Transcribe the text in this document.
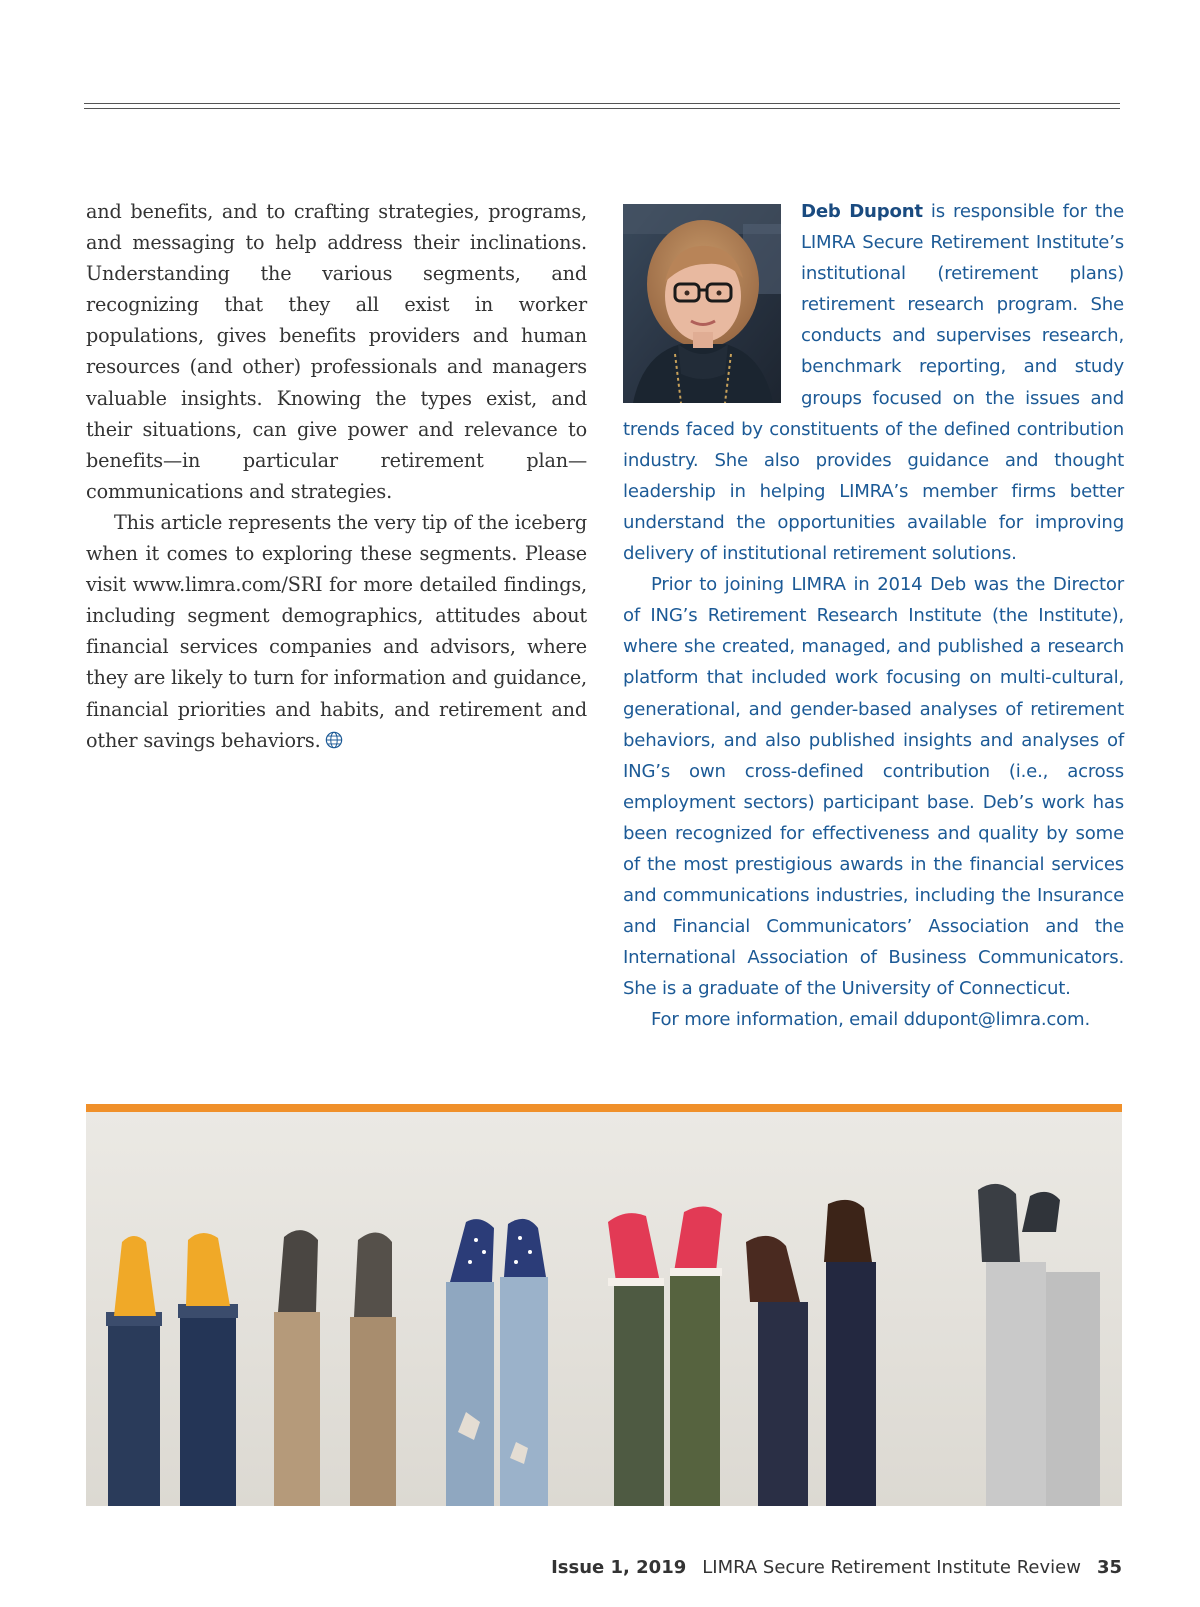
and benefits, and to crafting strategies, programs, and messaging to help address their inclinations. Understanding the various segments, and recognizing that they all exist in worker populations, gives benefits providers and human resources (and other) professionals and managers valuable insights. Knowing the types exist, and their situations, can give power and relevance to benefits—in particular retirement plan—communications and strategies.

This article represents the very tip of the iceberg when it comes to exploring these segments. Please visit www.limra.com/SRI for more detailed findings, including segment demographics, attitudes about financial services companies and advisors, where they are likely to turn for information and guidance, financial priorities and habits, and retirement and other savings behaviors.

Deb Dupont is responsible for the LIMRA Secure Retirement Institute’s institutional (retirement plans) retirement research program. She conducts and supervises research, benchmark reporting, and study groups focused on the issues and trends faced by constituents of the defined contribution industry. She also provides guidance and thought leadership in helping LIMRA’s member firms better understand the opportunities available for improving delivery of institutional retirement solutions.

Prior to joining LIMRA in 2014 Deb was the Director of ING’s Retirement Research Institute (the Institute), where she created, managed, and published a research platform that included work focusing on multi-cultural, generational, and gender-based analyses of retirement behaviors, and also published insights and analyses of ING’s own cross-defined contribution (i.e., across employment sectors) participant base. Deb’s work has been recognized for effectiveness and quality by some of the most prestigious awards in the financial services and communications industries, including the Insurance and Financial Communicators’ Association and the International Association of Business Communicators. She is a graduate of the University of Connecticut.

For more information, email ddupont@limra.com.

Issue 1, 2019 LIMRA Secure Retirement Institute Review 35
